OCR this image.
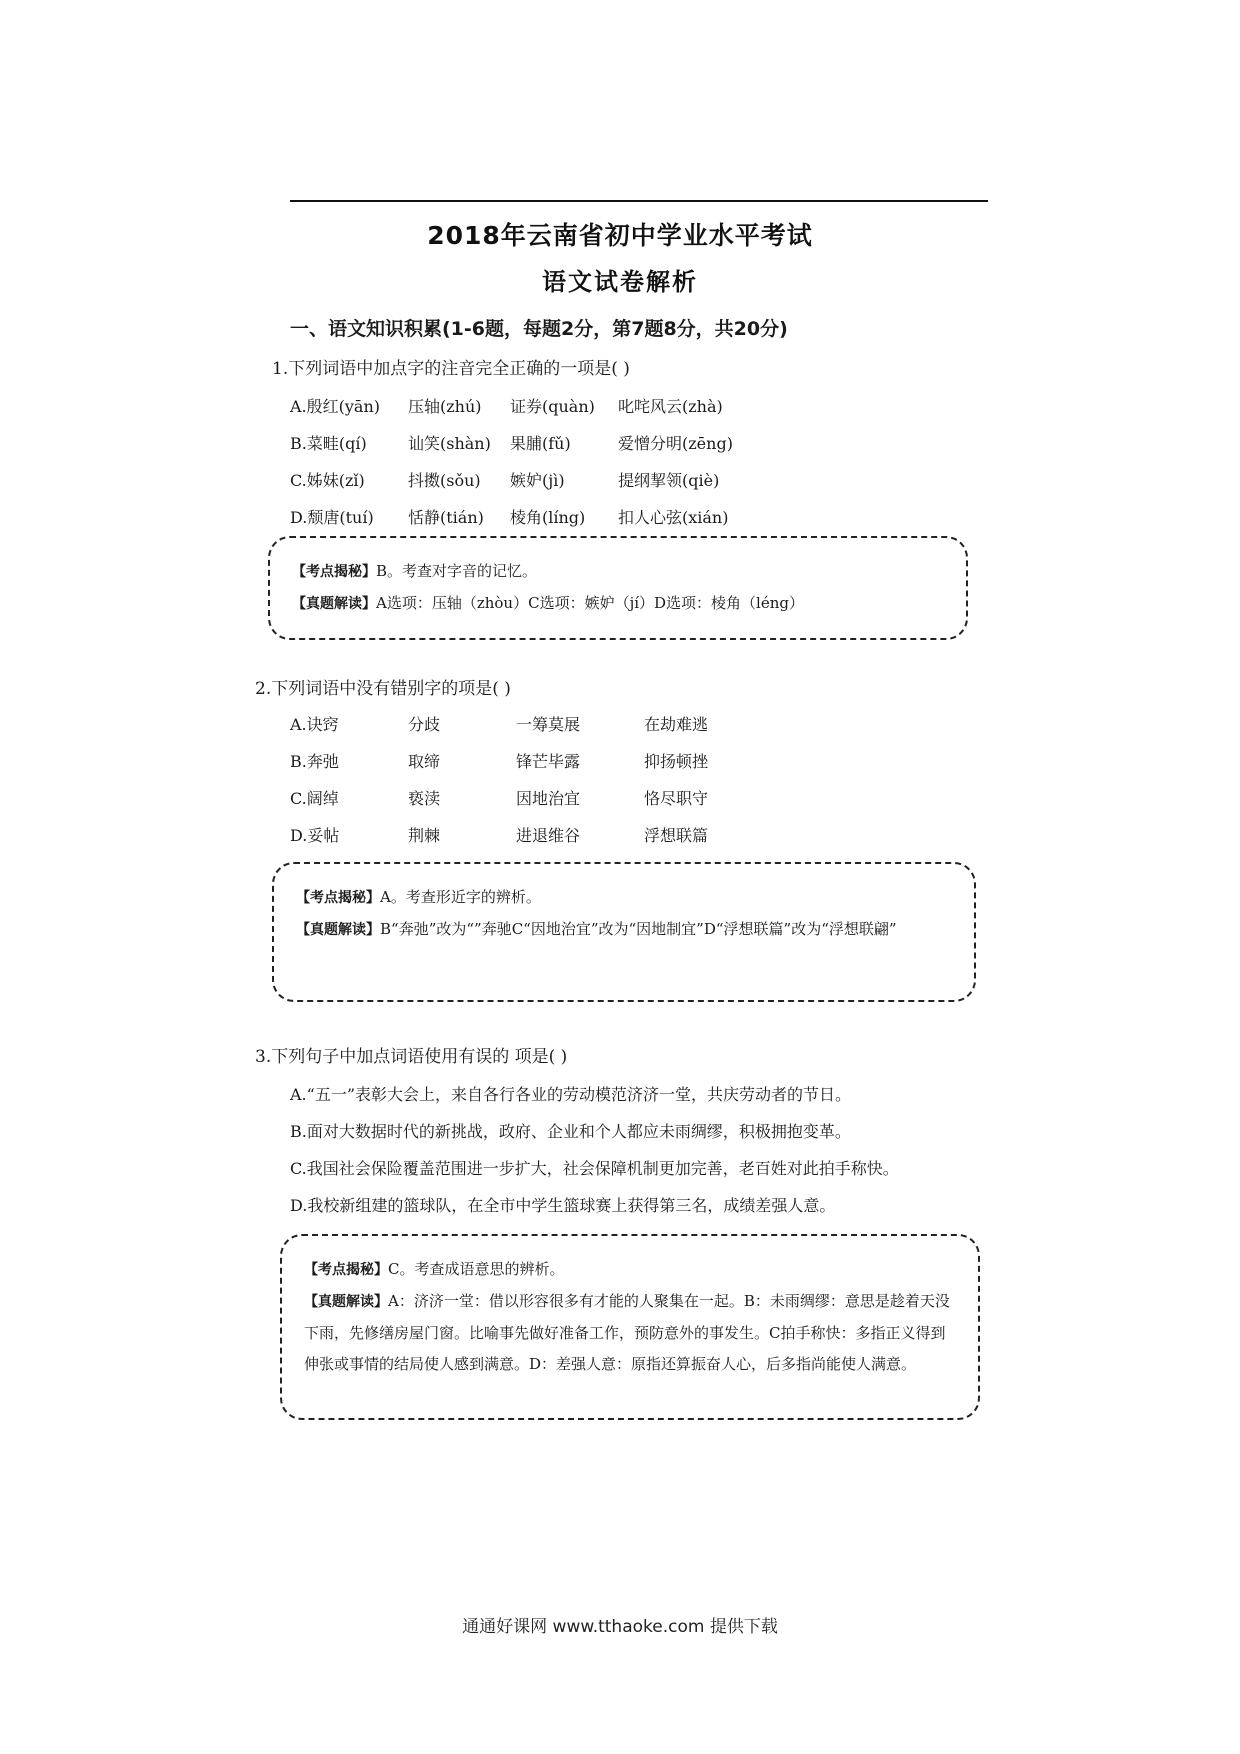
2018年云南省初中学业水平考试
语文试卷解析
一、语文知识积累(1-6题，每题2分，第7题8分，共20分)
1.下列词语中加点字的注音完全正确的一项是( )
A.殷红(yān) 压轴(zhú) 证券(quàn) 叱咤风云(zhà)
B.菜畦(qí)	讪笑(shàn) 果脯(fǔ)	爱憎分明(zēng)
C.姊妹(zǐ)	抖擞(sǒu) 嫉妒(jì)	提纲挈领(qiè)
D.颓唐(tuí) 恬静(tián) 棱角(líng) 扣人心弦(xián)

【考点揭秘】B。考查对字音的记忆。

【真题解读】A选项：压轴（zhòu）C选项：嫉妒（jí）D选项：棱角（léng）

2.下列词语中没有错别字的项是( )
A.诀窍	分歧	一筹莫展	在劫难逃
B.奔弛	取缔	锋芒毕露	抑扬顿挫
C.阔绰	亵渎	因地治宜	恪尽职守
D.妥帖	荆棘	进退维谷	浮想联篇

【考点揭秘】A。考查形近字的辨析。

【真题解读】B“奔弛”改为“”奔驰C“因地治宜”改为“因地制宜”D“浮想联篇”改为“浮想联翩”

3.下列句子中加点词语使用有误的 项是( )
A.“五一”表彰大会上，来自各行各业的劳动模范济济一堂，共庆劳动者的节日。
B.面对大数据时代的新挑战，政府、企业和个人都应未雨绸缪，积极拥抱变革。
C.我国社会保险覆盖范围进一步扩大，社会保障机制更加完善，老百姓对此拍手称快。
D.我校新组建的篮球队，在全市中学生篮球赛上获得第三名，成绩差强人意。

【考点揭秘】C。考查成语意思的辨析。

【真题解读】A：济济一堂：借以形容很多有才能的人聚集在一起。B：未雨绸缪：意思是趁着天没下雨，先修缮房屋门窗。比喻事先做好准备工作，预防意外的事发生。C拍手称快：多指正义得到伸张或事情的结局使人感到满意。D：差强人意：原指还算振奋人心，后多指尚能使人满意。

通通好课网 www.tthaoke.com 提供下载
